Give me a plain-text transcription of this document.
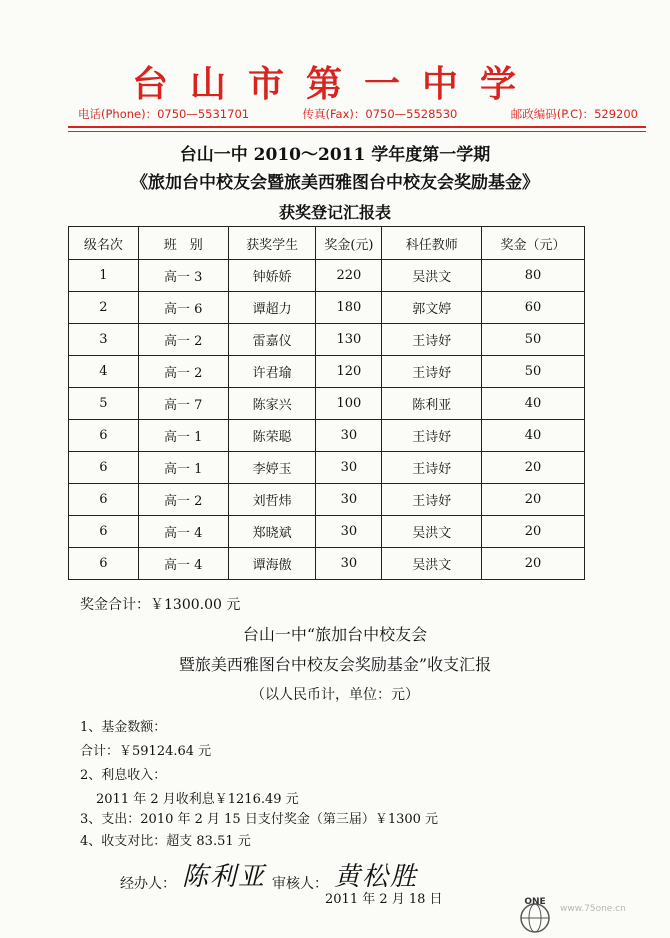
台山市第一中学
电话(Phone)：0750—5531701	传真(Fax)：0750—5528530	邮政编码(P.C)：529200
台山一中 2010～2011 学年度第一学期
《旅加台中校友会暨旅美西雅图台中校友会奖励基金》
获奖登记汇报表
级名次	班　别	获奖学生	奖金(元)	科任教师	奖金（元）
1	高一 3	钟娇娇	220	吴洪文	80
2	高一 6	谭超力	180	郭文婷	60
3	高一 2	雷嘉仪	130	王诗妤	50
4	高一 2	许君瑜	120	王诗妤	50
5	高一 7	陈家兴	100	陈利亚	40
6	高一 1	陈荣聪	30	王诗妤	40
6	高一 1	李婷玉	30	王诗妤	20
6	高一 2	刘哲炜	30	王诗妤	20
6	高一 4	郑晓斌	30	吴洪文	20
6	高一 4	谭海傲	30	吴洪文	20
奖金合计：￥1300.00 元
台山一中“旅加台中校友会
暨旅美西雅图台中校友会奖励基金”收支汇报
（以人民币计，单位：元）
1、基金数额：
合计：￥59124.64 元
2、利息收入：
2011 年 2 月收利息￥1216.49 元
3、支出：2010 年 2 月 15 日支付奖金（第三届）￥1300 元
4、收支对比：超支 83.51 元
经办人： 陈利亚 审核人： 黄松胜
2011 年 2 月 18 日	ONE
www.75one.cn
